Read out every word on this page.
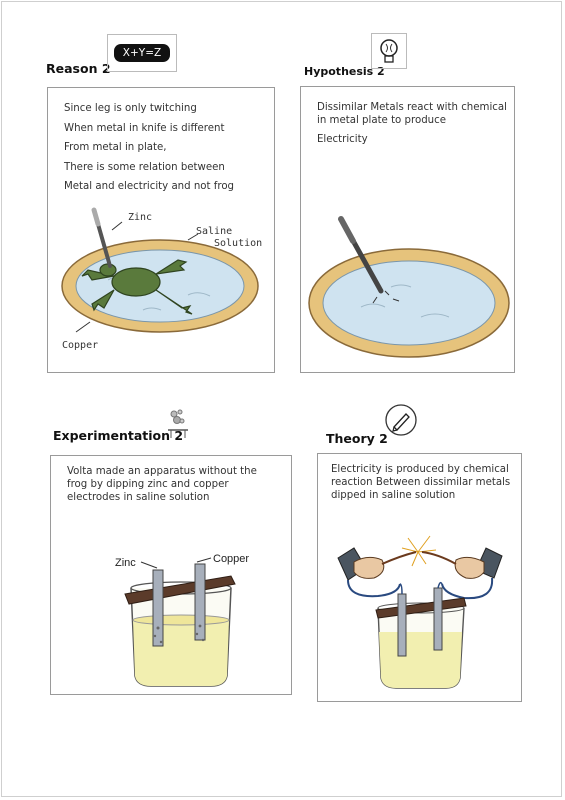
Reason 2
X+Y=Z
Since leg is only twitching
When metal in knife is different
From metal in plate,
There is some relation between
Metal and electricity and not frog
Zinc
Saline
Solution
Copper
Hypothesis 2
Dissimilar Metals react with chemical
in metal plate to produce
Electricity
Experimentation 2
Volta made an apparatus without the
frog by dipping zinc and copper
electrodes in saline solution
Zinc	Copper
Theory 2
Electricity is produced by chemical
reaction Between dissimilar metals
dipped in saline solution
